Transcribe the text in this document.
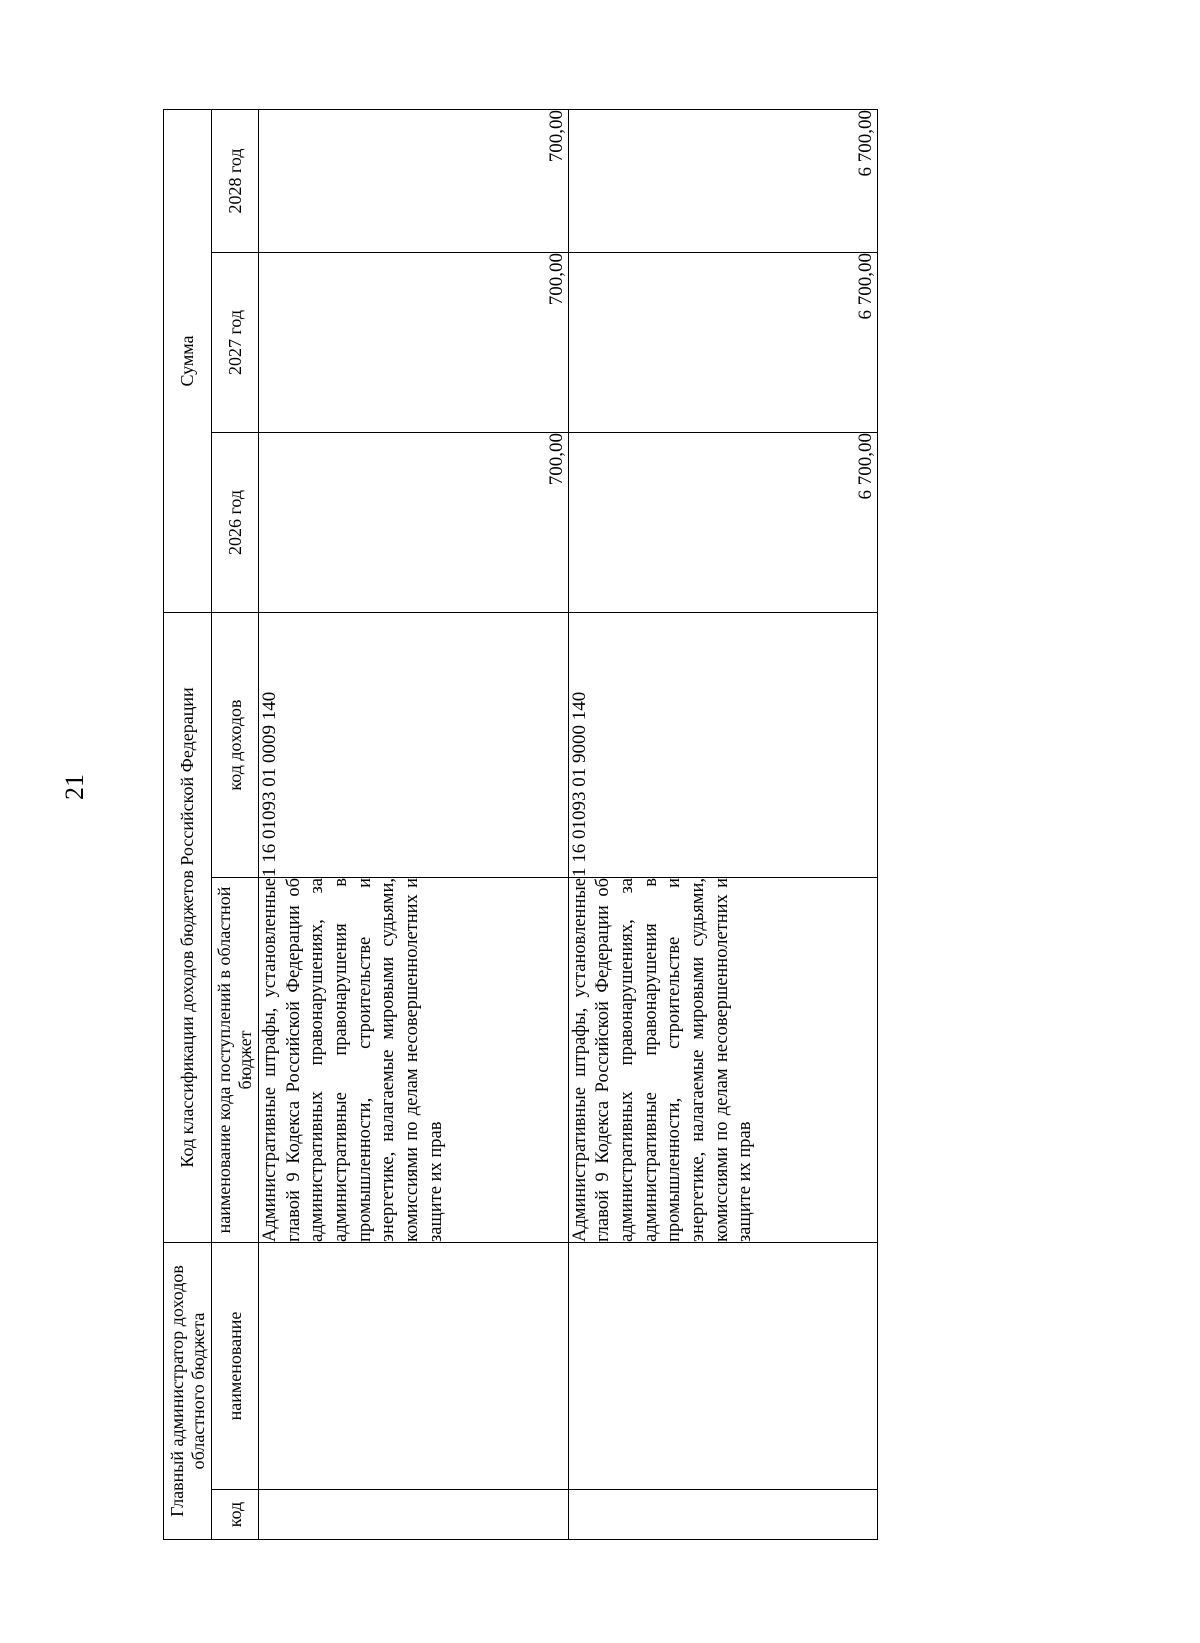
21
Главный администратор доходов областного бюджета		Код классификации доходов бюджетов Российской Федерации		Сумма		
код	наименование	наименование кода поступлений в областной бюджет	код доходов	2026 год	2027 год	2028 год
		Административные штрафы, установленные главой 9 Кодекса Российской Федерации об административных правонарушениях, за административные правонарушения в промышленности, строительстве и энергетике, налагаемые мировыми судьями, комиссиями по делам несовершеннолетних и защите их прав	1 16 01093 01 0009 140	700,00	700,00	700,00
		Административные штрафы, установленные главой 9 Кодекса Российской Федерации об административных правонарушениях, за административные правонарушения в промышленности, строительстве и энергетике, налагаемые мировыми судьями, комиссиями по делам несовершеннолетних и защите их прав	1 16 01093 01 9000 140	6 700,00	6 700,00	6 700,00
